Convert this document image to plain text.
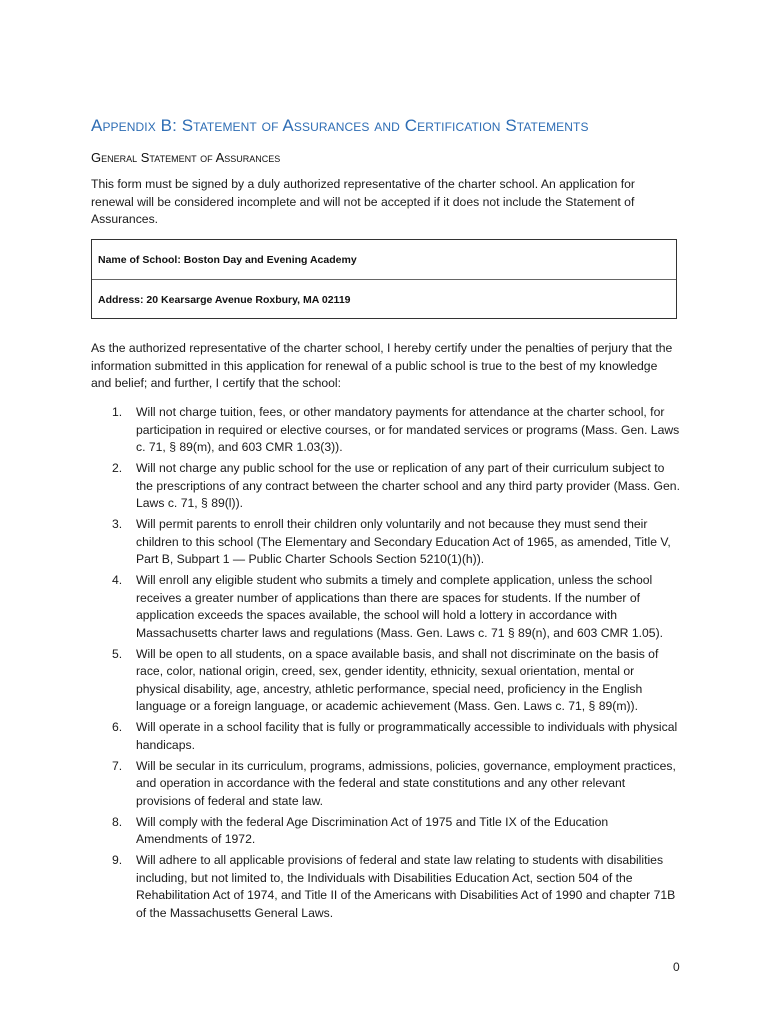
Appendix B: Statement of Assurances and Certification Statements
General Statement of Assurances

This form must be signed by a duly authorized representative of the charter school. An application for renewal will be considered incomplete and will not be accepted if it does not include the Statement of Assurances.

Name of School: Boston Day and Evening Academy
Address: 20 Kearsarge Avenue Roxbury, MA 02119

As the authorized representative of the charter school, I hereby certify under the penalties of perjury that the information submitted in this application for renewal of a public school is true to the best of my knowledge and belief; and further, I certify that the school:

1. Will not charge tuition, fees, or other mandatory payments for attendance at the charter school, for participation in required or elective courses, or for mandated services or programs (Mass. Gen. Laws c. 71, § 89(m), and 603 CMR 1.03(3)).
2. Will not charge any public school for the use or replication of any part of their curriculum subject to the prescriptions of any contract between the charter school and any third party provider (Mass. Gen. Laws c. 71, § 89(l)).
3. Will permit parents to enroll their children only voluntarily and not because they must send their children to this school (The Elementary and Secondary Education Act of 1965, as amended, Title V, Part B, Subpart 1 — Public Charter Schools Section 5210(1)(h)).
4. Will enroll any eligible student who submits a timely and complete application, unless the school receives a greater number of applications than there are spaces for students. If the number of application exceeds the spaces available, the school will hold a lottery in accordance with Massachusetts charter laws and regulations (Mass. Gen. Laws c. 71 § 89(n), and 603 CMR 1.05).
5. Will be open to all students, on a space available basis, and shall not discriminate on the basis of race, color, national origin, creed, sex, gender identity, ethnicity, sexual orientation, mental or physical disability, age, ancestry, athletic performance, special need, proficiency in the English language or a foreign language, or academic achievement (Mass. Gen. Laws c. 71, § 89(m)).
6. Will operate in a school facility that is fully or programmatically accessible to individuals with physical handicaps.
7. Will be secular in its curriculum, programs, admissions, policies, governance, employment practices, and operation in accordance with the federal and state constitutions and any other relevant provisions of federal and state law.
8. Will comply with the federal Age Discrimination Act of 1975 and Title IX of the Education Amendments of 1972.
9. Will adhere to all applicable provisions of federal and state law relating to students with disabilities including, but not limited to, the Individuals with Disabilities Education Act, section 504 of the Rehabilitation Act of 1974, and Title II of the Americans with Disabilities Act of 1990 and chapter 71B of the Massachusetts General Laws.
0
